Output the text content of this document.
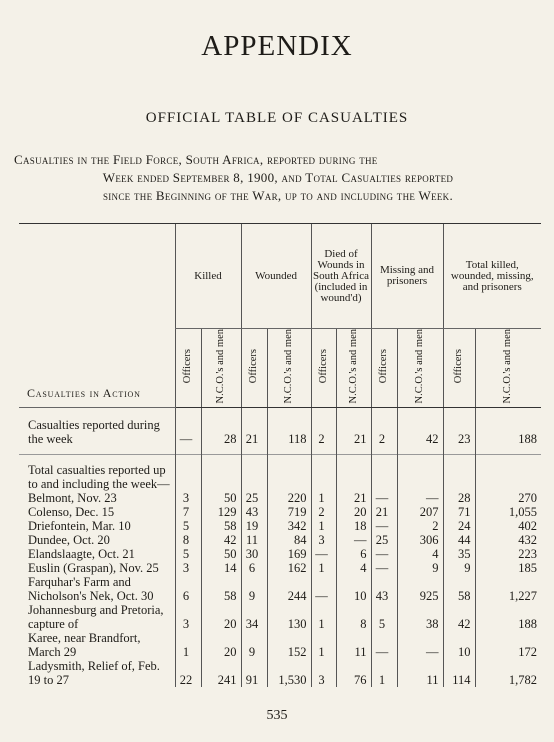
APPENDIX
OFFICIAL TABLE OF CASUALTIES
Casualties in the Field Force, South Africa, reported during the
Week ended September 8, 1900, and Total Casualties reported
since the Beginning of the War, up to and including the Week.
Casualties in Action	Killed		Wounded		Died of Wounds in South Africa (included in wound'd)		Missing and prisoners		Total killed, wounded, missing, and prisoners	
	Officers	N.C.O.'s and men	Officers	N.C.O.'s and men	Officers	N.C.O.'s and men	Officers	N.C.O.'s and men	Officers	N.C.O.'s and men
Casualties reported during the week	—	28	21	118	2	21	2	42	23	188
Total casualties reported up to and including the week—										
Belmont, Nov. 23	3	50	25	220	1	21	—	—	28	270
Colenso, Dec. 15	7	129	43	719	2	20	21	207	71	1,055
Driefontein, Mar. 10	5	58	19	342	1	18	—	2	24	402
Dundee, Oct. 20	8	42	11	84	3	—	25	306	44	432
Elandslaagte, Oct. 21	5	50	30	169	—	6	—	4	35	223
Euslin (Graspan), Nov. 25	3	14	6	162	1	4	—	9	9	185
Farquhar's Farm and Nicholson's Nek, Oct. 30	6	58	9	244	—	10	43	925	58	1,227
Johannesburg and Pretoria, capture of	3	20	34	130	1	8	5	38	42	188
Karee, near Brandfort, March 29	1	20	9	152	1	11	—	—	10	172
Ladysmith, Relief of, Feb. 19 to 27	22	241	91	1,530	3	76	1	11	114	1,782
535
